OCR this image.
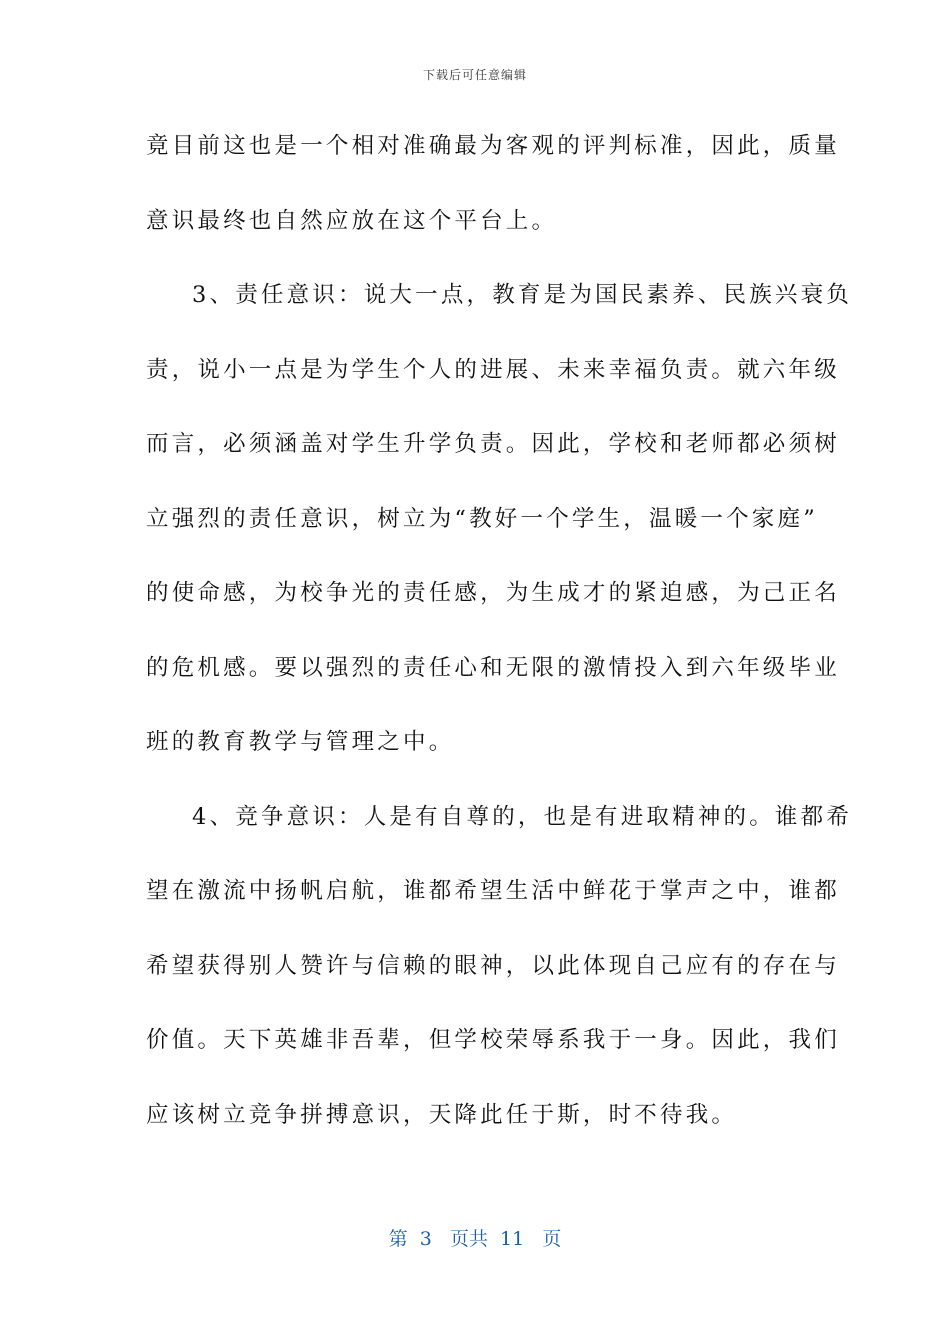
下载后可任意编辑
竟目前这也是一个相对准确最为客观的评判标准，因此，质量
意识最终也自然应放在这个平台上。
3、责任意识：说大一点，教育是为国民素养、民族兴衰负
责，说小一点是为学生个人的进展、未来幸福负责。就六年级
而言，必须涵盖对学生升学负责。因此，学校和老师都必须树
立强烈的责任意识，树立为“教好一个学生，温暖一个家庭”
的使命感，为校争光的责任感，为生成才的紧迫感，为己正名
的危机感。要以强烈的责任心和无限的激情投入到六年级毕业
班的教育教学与管理之中。
4、竞争意识：人是有自尊的，也是有进取精神的。谁都希
望在激流中扬帆启航，谁都希望生活中鲜花于掌声之中，谁都
希望获得别人赞许与信赖的眼神，以此体现自己应有的存在与
价值。天下英雄非吾辈，但学校荣辱系我于一身。因此，我们
应该树立竞争拼搏意识，天降此任于斯，时不待我。
第  3   页共  11   页
